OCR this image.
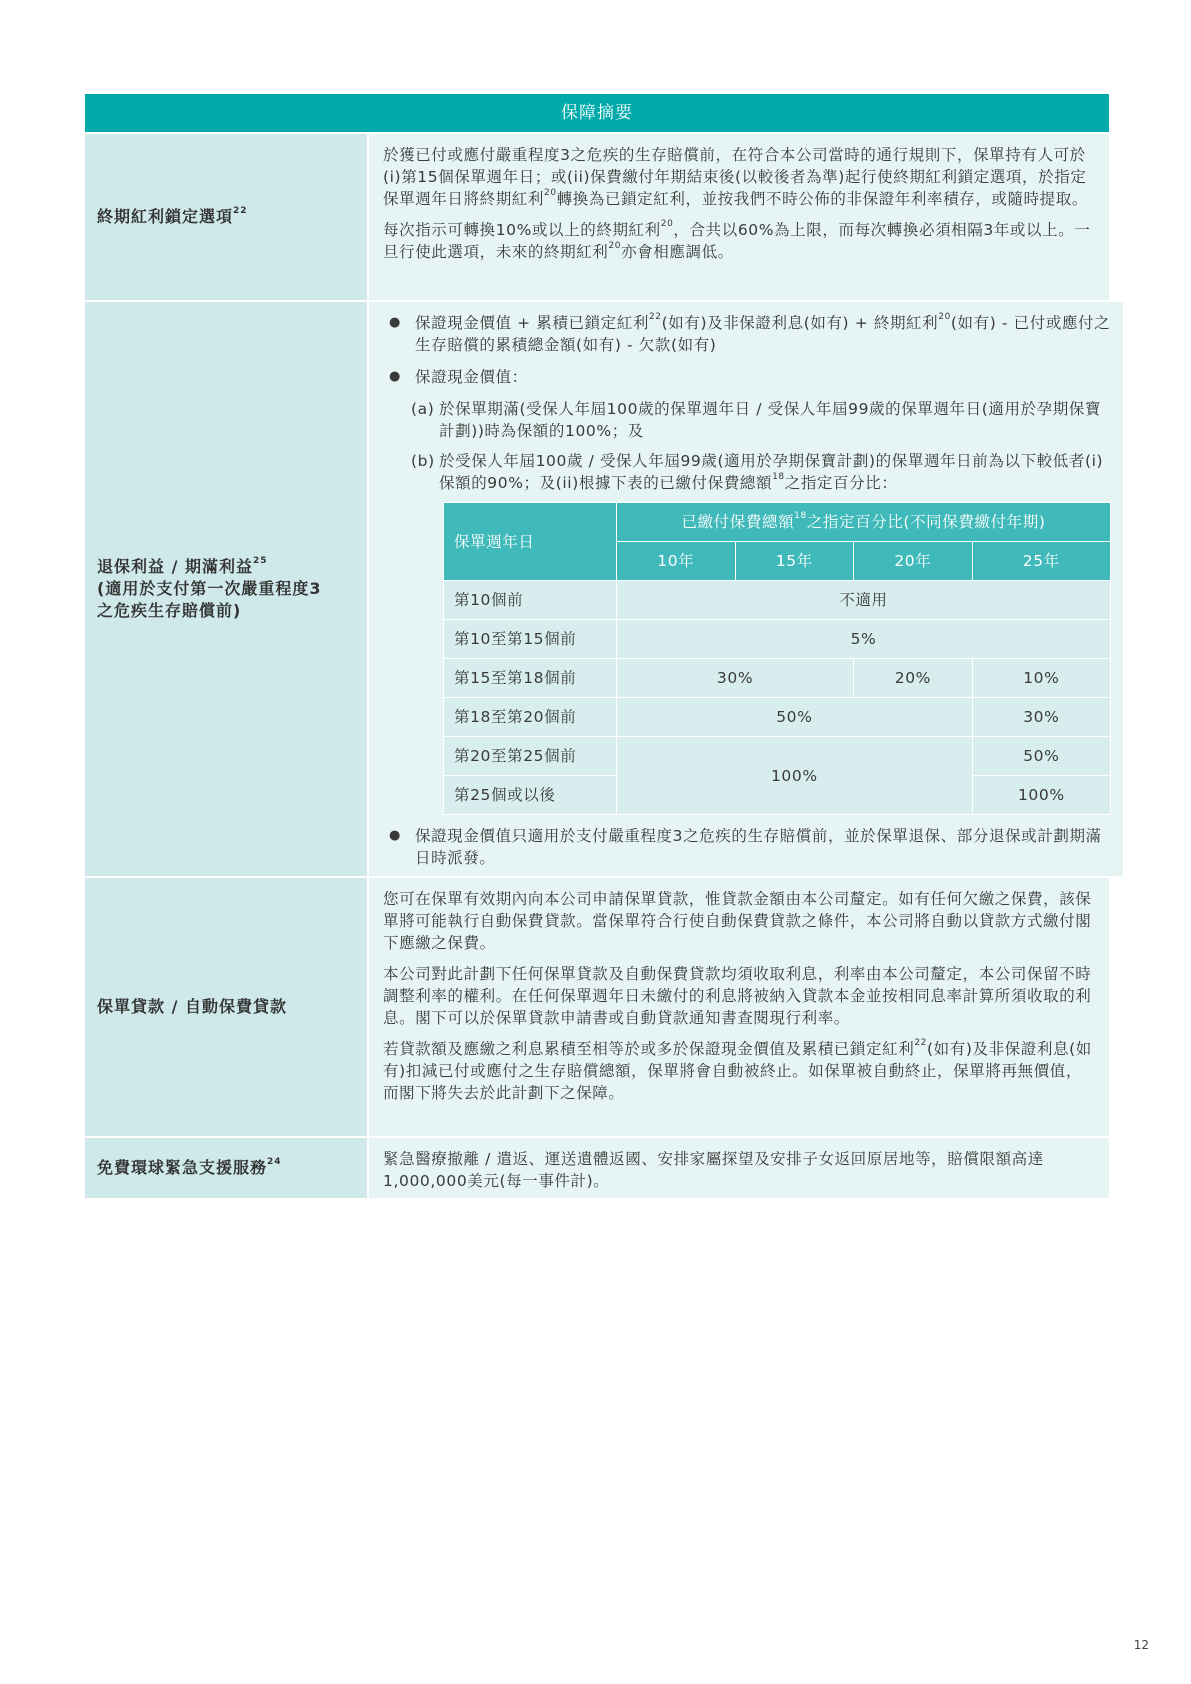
保障摘要
終期紅利鎖定選項$^{22}$

於獲已付或應付嚴重程度3之危疾的生存賠償前，在符合本公司當時的通行規則下，保單持有人可於(i)第15個保單週年日；或(ii)保費繳付年期結束後(以較後者為準)起行使終期紅利鎖定選項，於指定保單週年日將終期紅利$^{20}$轉換為已鎖定紅利，並按我們不時公佈的非保證年利率積存，或隨時提取。

每次指示可轉換10%或以上的終期紅利$^{20}$，合共以60%為上限，而每次轉換必須相隔3年或以上。一旦行使此選項，未來的終期紅利$^{20}$亦會相應調低。

退保利益 / 期滿利益$^{25}$
(適用於支付第一次嚴重程度3
之危疾生存賠償前)
● 保證現金價值 + 累積已鎖定紅利$^{22}$(如有)及非保證利息(如有) + 終期紅利$^{20}$(如有) - 已付或應付之生存賠償的累積總金額(如有) - 欠款(如有)
● 保證現金價值：
(a) 於保單期滿(受保人年屆100歲的保單週年日 / 受保人年屆99歲的保單週年日(適用於孕期保寶計劃))時為保額的100%；及
(b) 於受保人年屆100歲 / 受保人年屆99歲(適用於孕期保寶計劃)的保單週年日前為以下較低者(i)保額的90%；及(ii)根據下表的已繳付保費總額$^{18}$之指定百分比：
保單週年日	已繳付保費總額$^{18}$之指定百分比(不同保費繳付年期)			
	10年	15年	20年	25年
第10個前	不適用			
第10至第15個前	5%			
第15至第18個前	30%		20%	10%
第18至第20個前	50%			30%
第20至第25個前	100%			50%
第25個或以後				100%
● 保證現金價值只適用於支付嚴重程度3之危疾的生存賠償前，並於保單退保、部分退保或計劃期滿日時派發。
保單貸款 / 自動保費貸款

您可在保單有效期內向本公司申請保單貸款，惟貸款金額由本公司釐定。如有任何欠繳之保費，該保單將可能執行自動保費貸款。當保單符合行使自動保費貸款之條件，本公司將自動以貸款方式繳付閣下應繳之保費。

本公司對此計劃下任何保單貸款及自動保費貸款均須收取利息，利率由本公司釐定，本公司保留不時調整利率的權利。在任何保單週年日未繳付的利息將被納入貸款本金並按相同息率計算所須收取的利息。閣下可以於保單貸款申請書或自動貸款通知書查閱現行利率。

若貸款額及應繳之利息累積至相等於或多於保證現金價值及累積已鎖定紅利$^{22}$(如有)及非保證利息(如有)扣減已付或應付之生存賠償總額，保單將會自動被終止。如保單被自動終止，保單將再無價值，而閣下將失去於此計劃下之保障。

免費環球緊急支援服務$^{24}$	緊急醫療撤離 / 遣返、運送遺體返國、安排家屬探望及安排子女返回原居地等，賠償限額高達1,000,000美元(每一事件計)。

12
